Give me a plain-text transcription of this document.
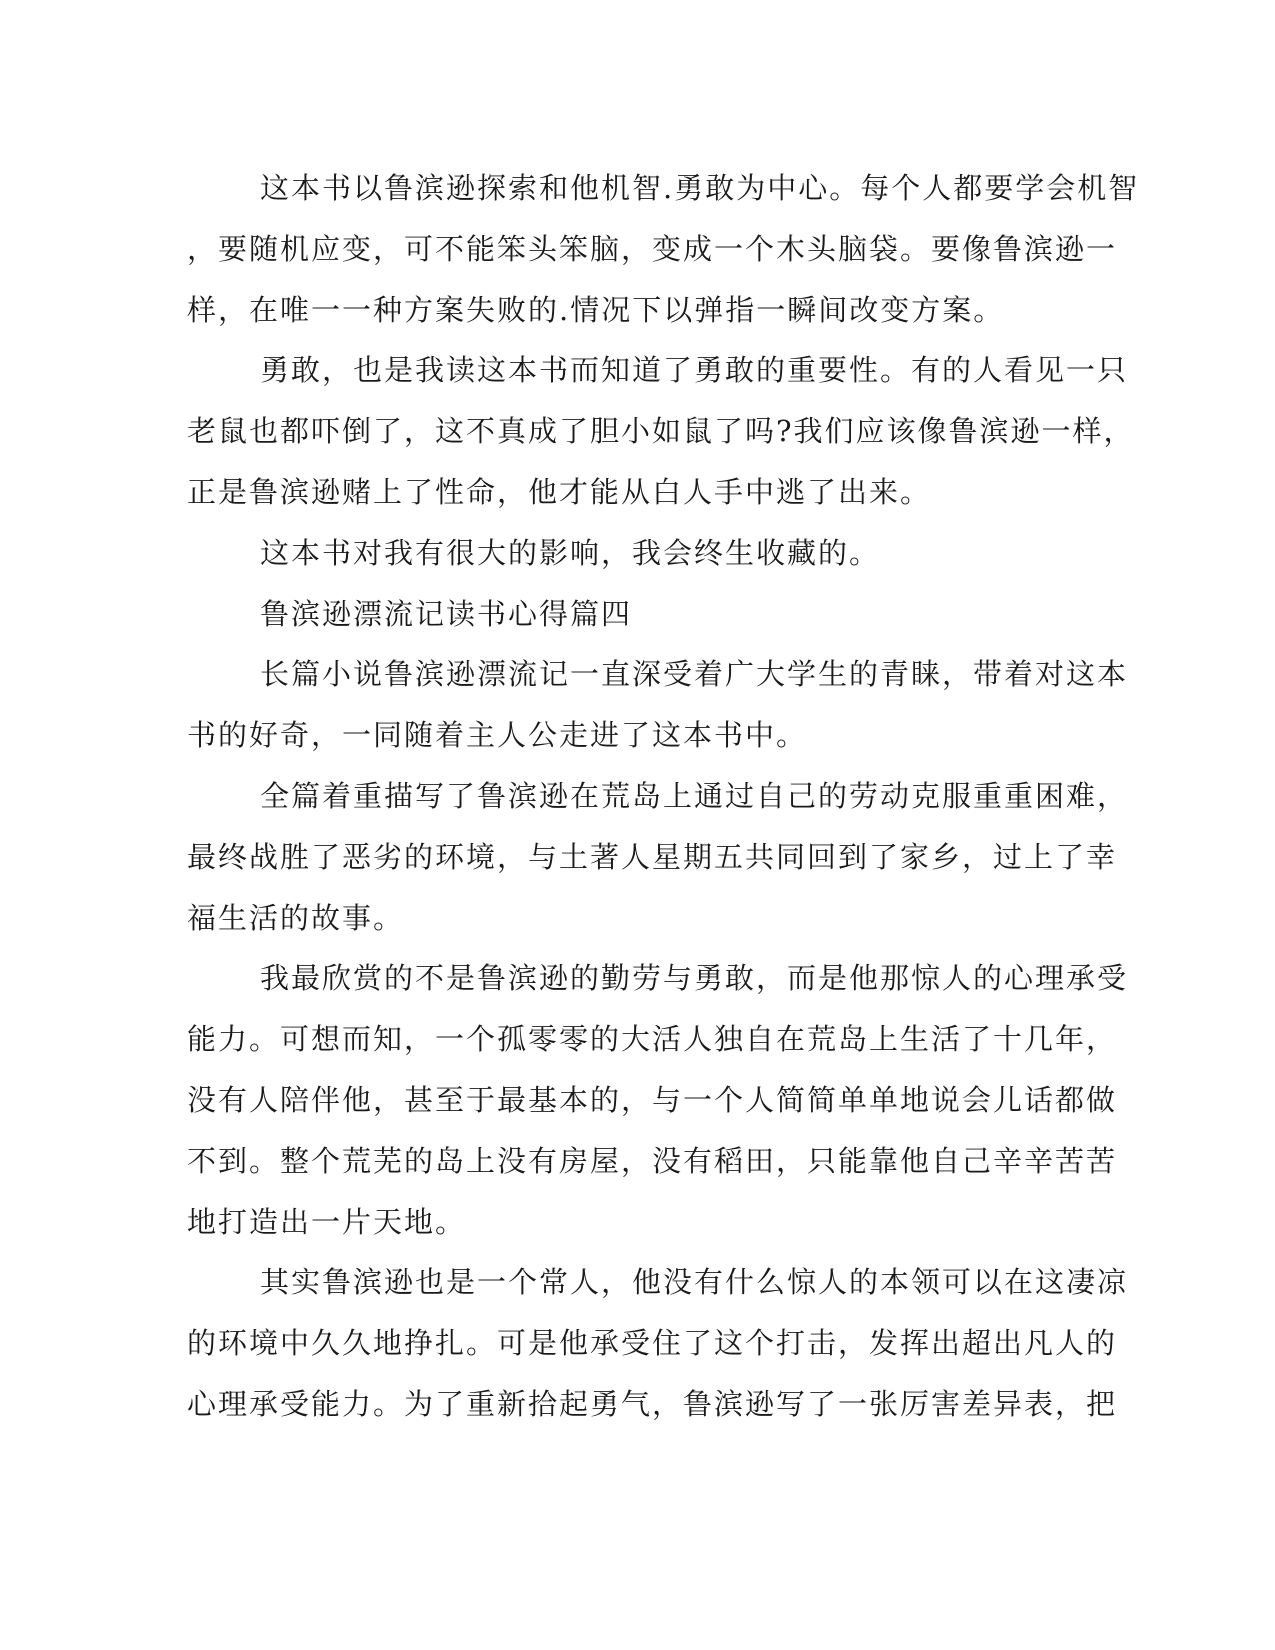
这本书以鲁滨逊探索和他机智.勇敢为中心。每个人都要学会机智
，要随机应变，可不能笨头笨脑，变成一个木头脑袋。要像鲁滨逊一
样，在唯一一种方案失败的.情况下以弹指一瞬间改变方案。
勇敢，也是我读这本书而知道了勇敢的重要性。有的人看见一只
老鼠也都吓倒了，这不真成了胆小如鼠了吗?我们应该像鲁滨逊一样，
正是鲁滨逊赌上了性命，他才能从白人手中逃了出来。
这本书对我有很大的影响，我会终生收藏的。
鲁滨逊漂流记读书心得篇四
长篇小说鲁滨逊漂流记一直深受着广大学生的青睐，带着对这本
书的好奇，一同随着主人公走进了这本书中。
全篇着重描写了鲁滨逊在荒岛上通过自己的劳动克服重重困难，
最终战胜了恶劣的环境，与土著人星期五共同回到了家乡，过上了幸
福生活的故事。
我最欣赏的不是鲁滨逊的勤劳与勇敢，而是他那惊人的心理承受
能力。可想而知，一个孤零零的大活人独自在荒岛上生活了十几年，
没有人陪伴他，甚至于最基本的，与一个人简简单单地说会儿话都做
不到。整个荒芜的岛上没有房屋，没有稻田，只能靠他自己辛辛苦苦
地打造出一片天地。
其实鲁滨逊也是一个常人，他没有什么惊人的本领可以在这凄凉
的环境中久久地挣扎。可是他承受住了这个打击，发挥出超出凡人的
心理承受能力。为了重新拾起勇气，鲁滨逊写了一张厉害差异表，把
